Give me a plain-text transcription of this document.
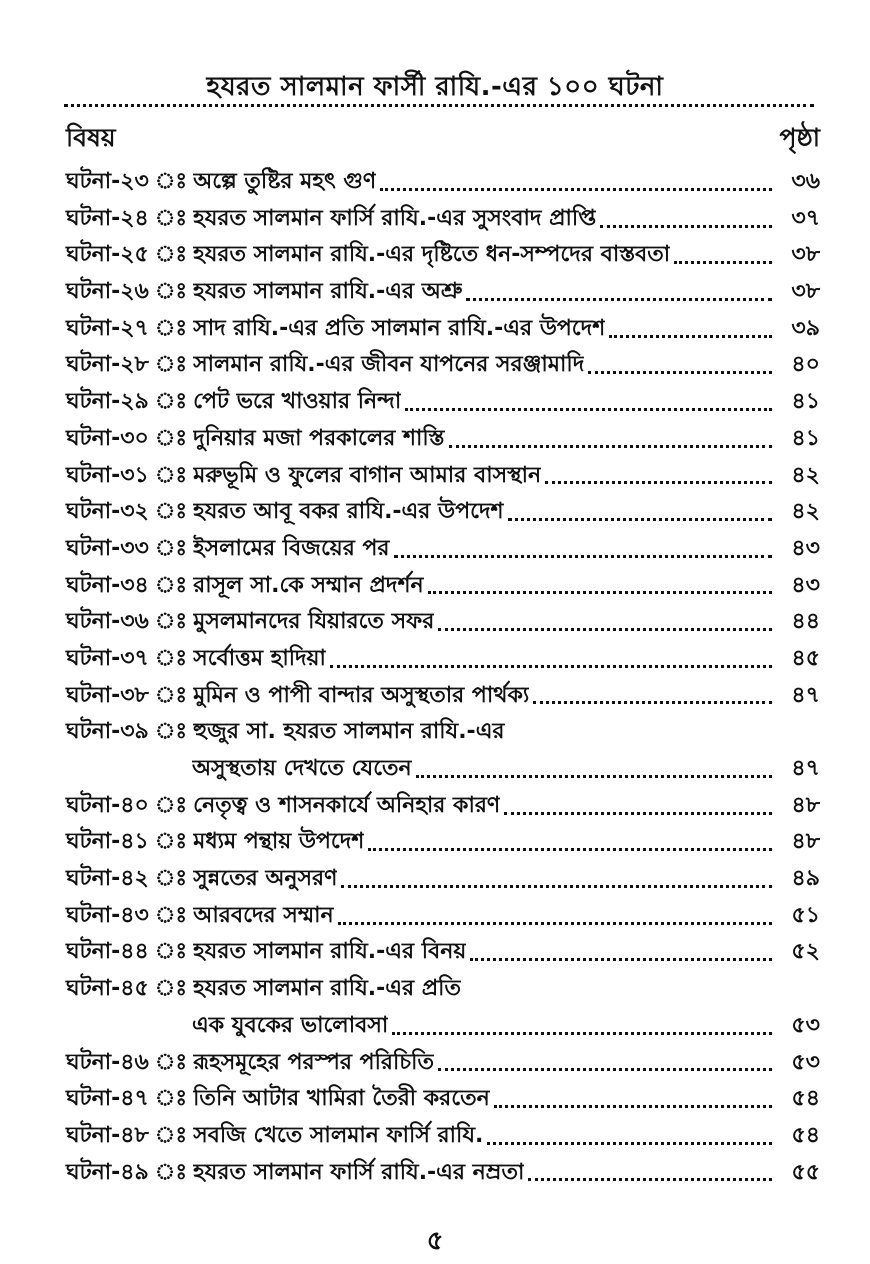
হযরত সালমান ফার্সী রাযি.-এর ১০০ ঘটনা
বিষয়	পৃষ্ঠা
ঘটনা-২৩ ঃ অল্পে তুষ্টির মহৎ গুণ	৩৬
ঘটনা-২৪ ঃ হযরত সালমান ফার্সি রাযি.-এর সুসংবাদ প্রাপ্তি	৩৭
ঘটনা-২৫ ঃ হযরত সালমান রাযি.-এর দৃষ্টিতে ধন-সম্পদের বাস্তবতা	৩৮
ঘটনা-২৬ ঃ হযরত সালমান রাযি.-এর অশ্রু	৩৮
ঘটনা-২৭ ঃ সাদ রাযি.-এর প্রতি সালমান রাযি.-এর উপদেশ	৩৯
ঘটনা-২৮ ঃ সালমান রাযি.-এর জীবন যাপনের সরঞ্জামাদি	৪০
ঘটনা-২৯ ঃ পেট ভরে খাওয়ার নিন্দা	৪১
ঘটনা-৩০ ঃ দুনিয়ার মজা পরকালের শাস্তি	৪১
ঘটনা-৩১ ঃ মরুভূমি ও ফুলের বাগান আমার বাসস্থান	৪২
ঘটনা-৩২ ঃ হযরত আবূ বকর রাযি.-এর উপদেশ	৪২
ঘটনা-৩৩ ঃ ইসলামের বিজয়ের পর	৪৩
ঘটনা-৩৪ ঃ রাসূল সা.কে সম্মান প্রদর্শন	৪৩
ঘটনা-৩৬ ঃ মুসলমানদের যিয়ারতে সফর	৪৪
ঘটনা-৩৭ ঃ সর্বোত্তম হাদিয়া	৪৫
ঘটনা-৩৮ ঃ মুমিন ও পাপী বান্দার অসুস্থতার পার্থক্য	৪৭
ঘটনা-৩৯ ঃ হুজুর সা. হযরত সালমান রাযি.-এর
অসুস্থতায় দেখতে যেতেন	৪৭
ঘটনা-৪০ ঃ নেতৃত্ব ও শাসনকার্যে অনিহার কারণ	৪৮
ঘটনা-৪১ ঃ মধ্যম পন্থায় উপদেশ	৪৮
ঘটনা-৪২ ঃ সুন্নতের অনুসরণ	৪৯
ঘটনা-৪৩ ঃ আরবদের সম্মান	৫১
ঘটনা-৪৪ ঃ হযরত সালমান রাযি.-এর বিনয়	৫২
ঘটনা-৪৫ ঃ হযরত সালমান রাযি.-এর প্রতি
এক যুবকের ভালোবসা	৫৩
ঘটনা-৪৬ ঃ রূহসমূহের পরস্পর পরিচিতি	৫৩
ঘটনা-৪৭ ঃ তিনি আটার খামিরা তৈরী করতেন	৫৪
ঘটনা-৪৮ ঃ সবজি খেতে সালমান ফার্সি রাযি.	৫৪
ঘটনা-৪৯ ঃ হযরত সালমান ফার্সি রাযি.-এর নম্রতা	৫৫
৫
